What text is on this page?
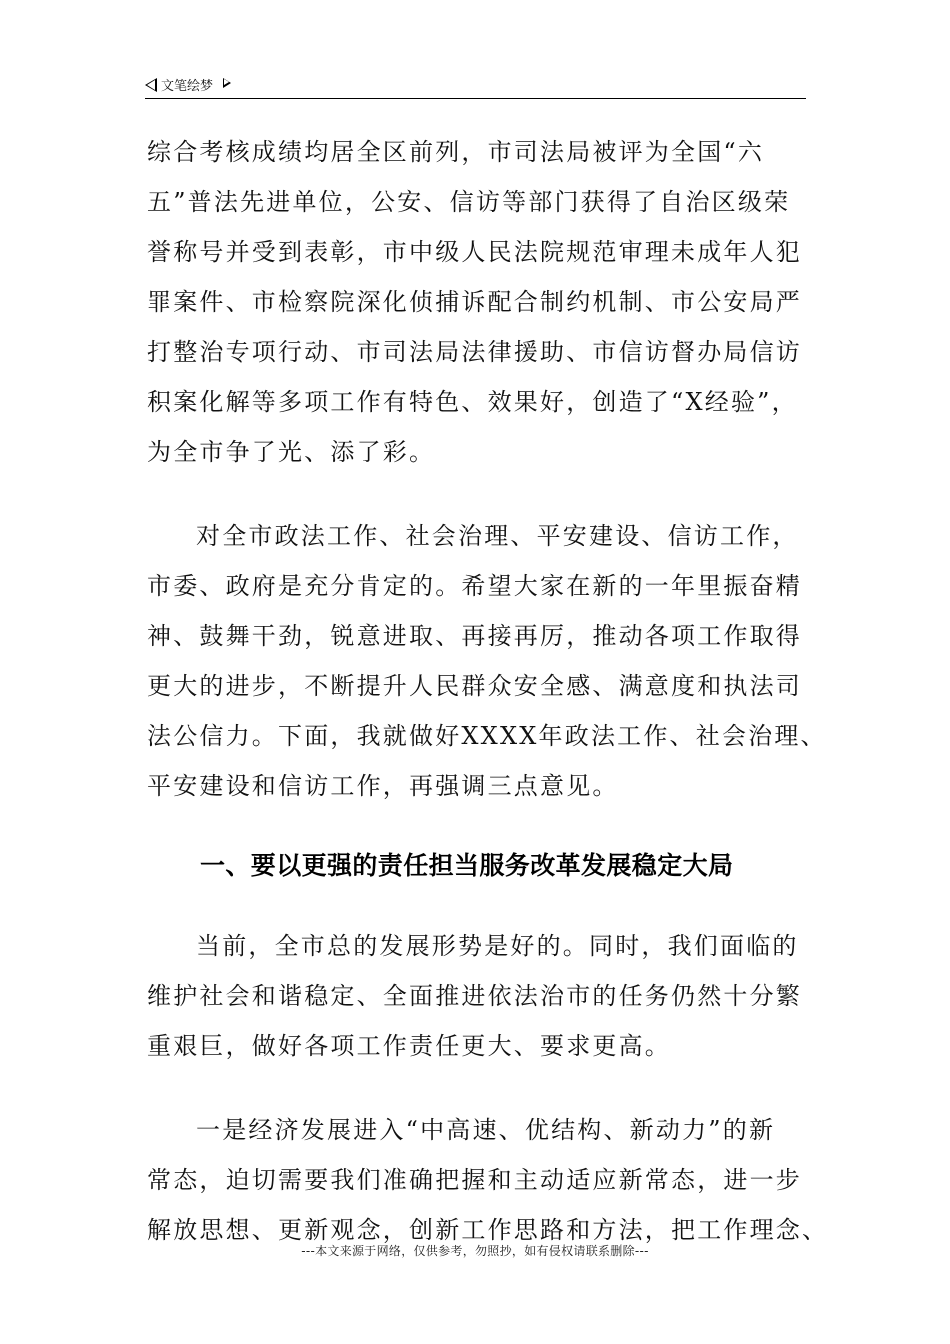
文笔绘梦
综合考核成绩均居全区前列，市司法局被评为全国“六
五”普法先进单位，公安、信访等部门获得了自治区级荣
誉称号并受到表彰，市中级人民法院规范审理未成年人犯
罪案件、市检察院深化侦捕诉配合制约机制、市公安局严
打整治专项行动、市司法局法律援助、市信访督办局信访
积案化解等多项工作有特色、效果好，创造了“X经验”，
为全市争了光、添了彩。
对全市政法工作、社会治理、平安建设、信访工作，
市委、政府是充分肯定的。希望大家在新的一年里振奋精
神、鼓舞干劲，锐意进取、再接再厉，推动各项工作取得
更大的进步，不断提升人民群众安全感、满意度和执法司
法公信力。下面，我就做好XXXX年政法工作、社会治理、
平安建设和信访工作，再强调三点意见。
一、要以更强的责任担当服务改革发展稳定大局
当前，全市总的发展形势是好的。同时，我们面临的
维护社会和谐稳定、全面推进依法治市的任务仍然十分繁
重艰巨，做好各项工作责任更大、要求更高。
一是经济发展进入“中高速、优结构、新动力”的新
常态，迫切需要我们准确把握和主动适应新常态，进一步
解放思想、更新观念，创新工作思路和方法，把工作理念、
---本文来源于网络，仅供参考，勿照抄，如有侵权请联系删除---
